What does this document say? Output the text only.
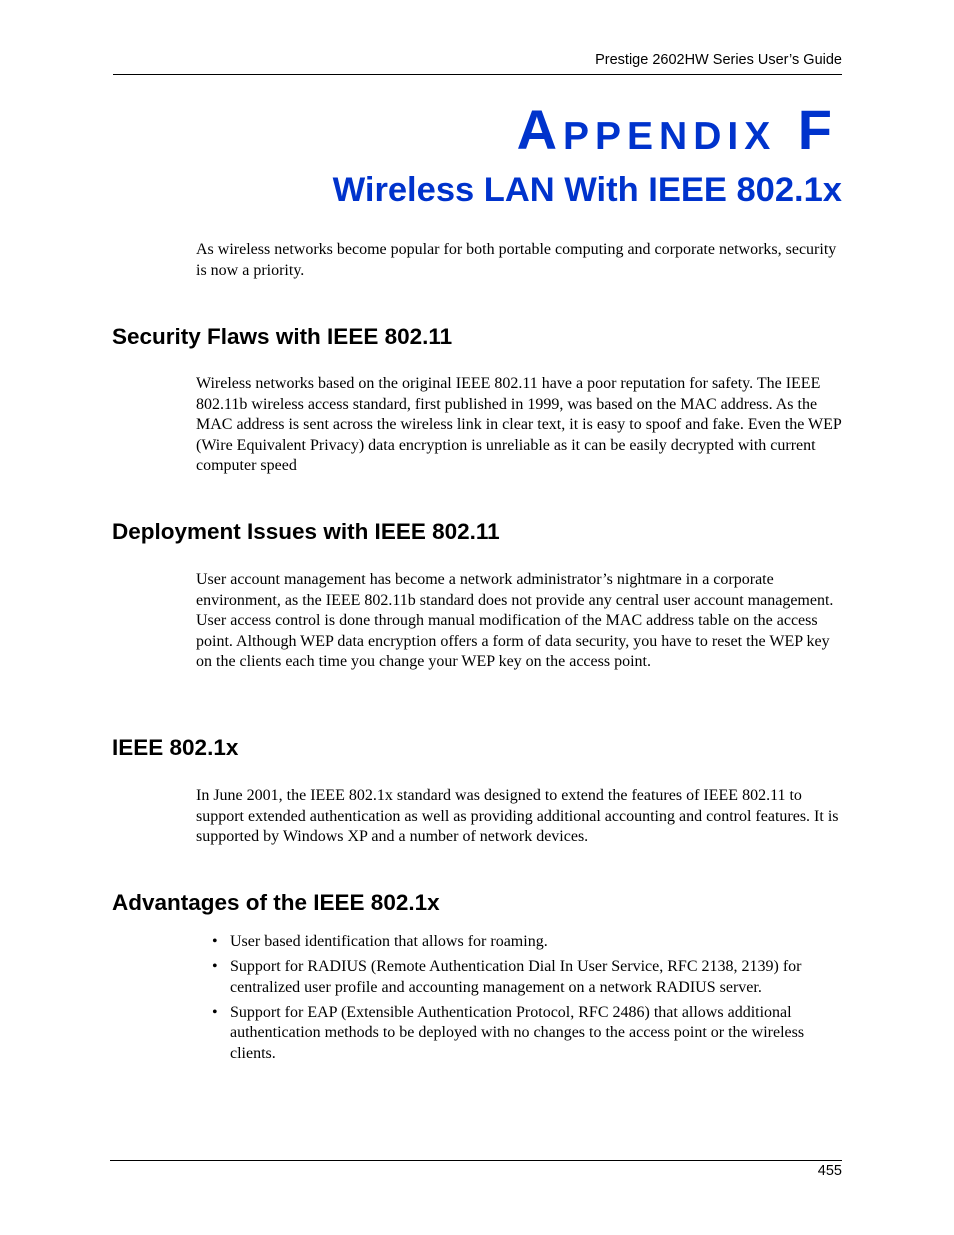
Prestige 2602HW Series User’s Guide
Appendix F
Wireless LAN With IEEE 802.1x

As wireless networks become popular for both portable computing and corporate networks, security is now a priority.

Security Flaws with IEEE 802.11

Wireless networks based on the original IEEE 802.11 have a poor reputation for safety. The IEEE 802.11b wireless access standard, first published in 1999, was based on the MAC address. As the MAC address is sent across the wireless link in clear text, it is easy to spoof and fake. Even the WEP (Wire Equivalent Privacy) data encryption is unreliable as it can be easily decrypted with current computer speed

Deployment Issues with IEEE 802.11

User account management has become a network administrator’s nightmare in a corporate environment, as the IEEE 802.11b standard does not provide any central user account management. User access control is done through manual modification of the MAC address table on the access point. Although WEP data encryption offers a form of data security, you have to reset the WEP key on the clients each time you change your WEP key on the access point.

IEEE 802.1x

In June 2001, the IEEE 802.1x standard was designed to extend the features of IEEE 802.11 to support extended authentication as well as providing additional accounting and control features. It is supported by Windows XP and a number of network devices.

Advantages of the IEEE 802.1x
• User based identification that allows for roaming.
• Support for RADIUS (Remote Authentication Dial In User Service, RFC 2138, 2139) for centralized user profile and accounting management on a network RADIUS server.
• Support for EAP (Extensible Authentication Protocol, RFC 2486) that allows additional authentication methods to be deployed with no changes to the access point or the wireless clients.
455
